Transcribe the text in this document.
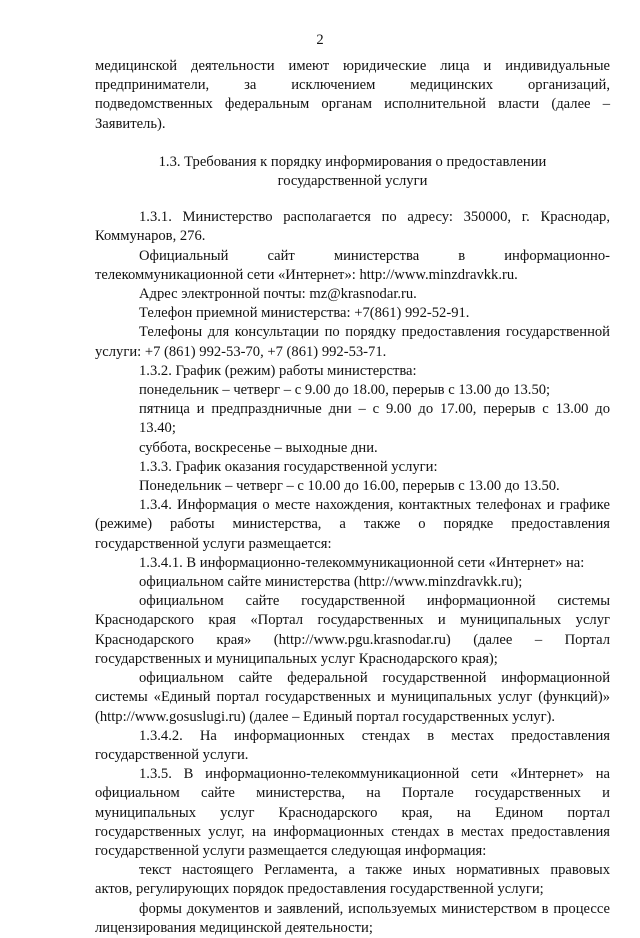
2
медицинской деятельности имеют юридические лица и индивидуальные
предприниматели, за исключением медицинских организаций,
подведомственных федеральным органам исполнительной власти (далее –
Заявитель).
1.3. Требования к порядку информирования о предоставлении
государственной услуги
1.3.1. Министерство располагается по адресу: 350000, г. Краснодар,
Коммунаров, 276.
Официальный сайт министерства в информационно-
телекоммуникационной сети «Интернет»: http://www.minzdravkk.ru.
Адрес электронной почты: mz@krasnodar.ru.
Телефон приемной министерства: +7(861) 992-52-91.
Телефоны для консультации по порядку предоставления государственной
услуги: +7 (861) 992-53-70, +7 (861) 992-53-71.
1.3.2. График (режим) работы министерства:
понедельник – четверг – с 9.00 до 18.00, перерыв с 13.00 до 13.50;
пятница и предпраздничные дни – с 9.00 до 17.00, перерыв с 13.00 до 13.40;
суббота, воскресенье – выходные дни.
1.3.3. График оказания государственной услуги:
Понедельник – четверг – с 10.00 до 16.00, перерыв с 13.00 до 13.50.
1.3.4. Информация о месте нахождения, контактных телефонах и графике
(режиме) работы министерства, а также о порядке предоставления
государственной услуги размещается:
1.3.4.1. В информационно-телекоммуникационной сети «Интернет» на:
официальном сайте министерства (http://www.minzdravkk.ru);
официальном сайте государственной информационной системы
Краснодарского края «Портал государственных и муниципальных услуг
Краснодарского края» (http://www.pgu.krasnodar.ru) (далее – Портал
государственных и муниципальных услуг Краснодарского края);
официальном сайте федеральной государственной информационной
системы «Единый портал государственных и муниципальных услуг (функций)»
(http://www.gosuslugi.ru) (далее – Единый портал государственных услуг).
1.3.4.2. На информационных стендах в местах предоставления
государственной услуги.
1.3.5. В информационно-телекоммуникационной сети «Интернет» на
официальном сайте министерства, на Портале государственных и
муниципальных услуг Краснодарского края, на Едином портал
государственных услуг, на информационных стендах в местах предоставления
государственной услуги размещается следующая информация:
текст настоящего Регламента, а также иных нормативных правовых
актов, регулирующих порядок предоставления государственной услуги;
формы документов и заявлений, используемых министерством в процессе
лицензирования медицинской деятельности;
